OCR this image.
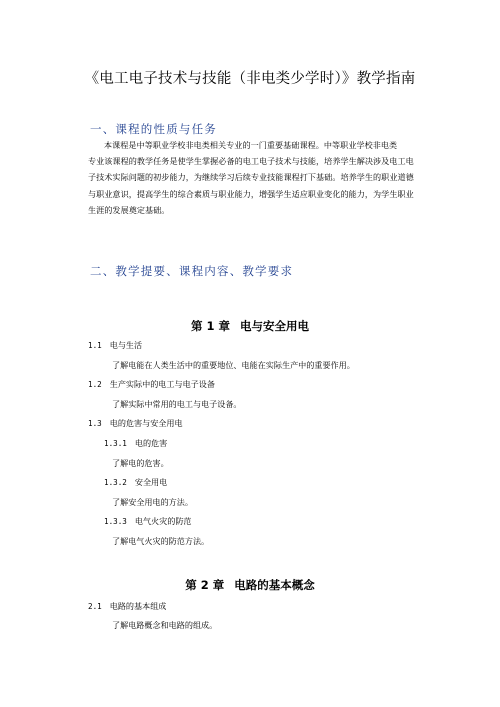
《电工电子技术与技能（非电类少学时）》教学指南
一、课程的性质与任务
本课程是中等职业学校非电类相关专业的一门重要基础课程。中等职业学校非电类
专业该课程的教学任务是使学生掌握必备的电工电子技术与技能，培养学生解决涉及电工电
子技术实际问题的初步能力，为继续学习后续专业技能课程打下基础。培养学生的职业道德
与职业意识，提高学生的综合素质与职业能力，增强学生适应职业变化的能力，为学生职业
生涯的发展奠定基础。
二、教学提要、课程内容、教学要求
第 1 章 电与安全用电
1.1 电与生活
了解电能在人类生活中的重要地位、电能在实际生产中的重要作用。
1.2 生产实际中的电工与电子设备
了解实际中常用的电工与电子设备。
1.3 电的危害与安全用电
1.3.1 电的危害
了解电的危害。
1.3.2 安全用电
了解安全用电的方法。
1.3.3 电气火灾的防范
了解电气火灾的防范方法。
第 2 章 电路的基本概念
2.1 电路的基本组成
了解电路概念和电路的组成。
